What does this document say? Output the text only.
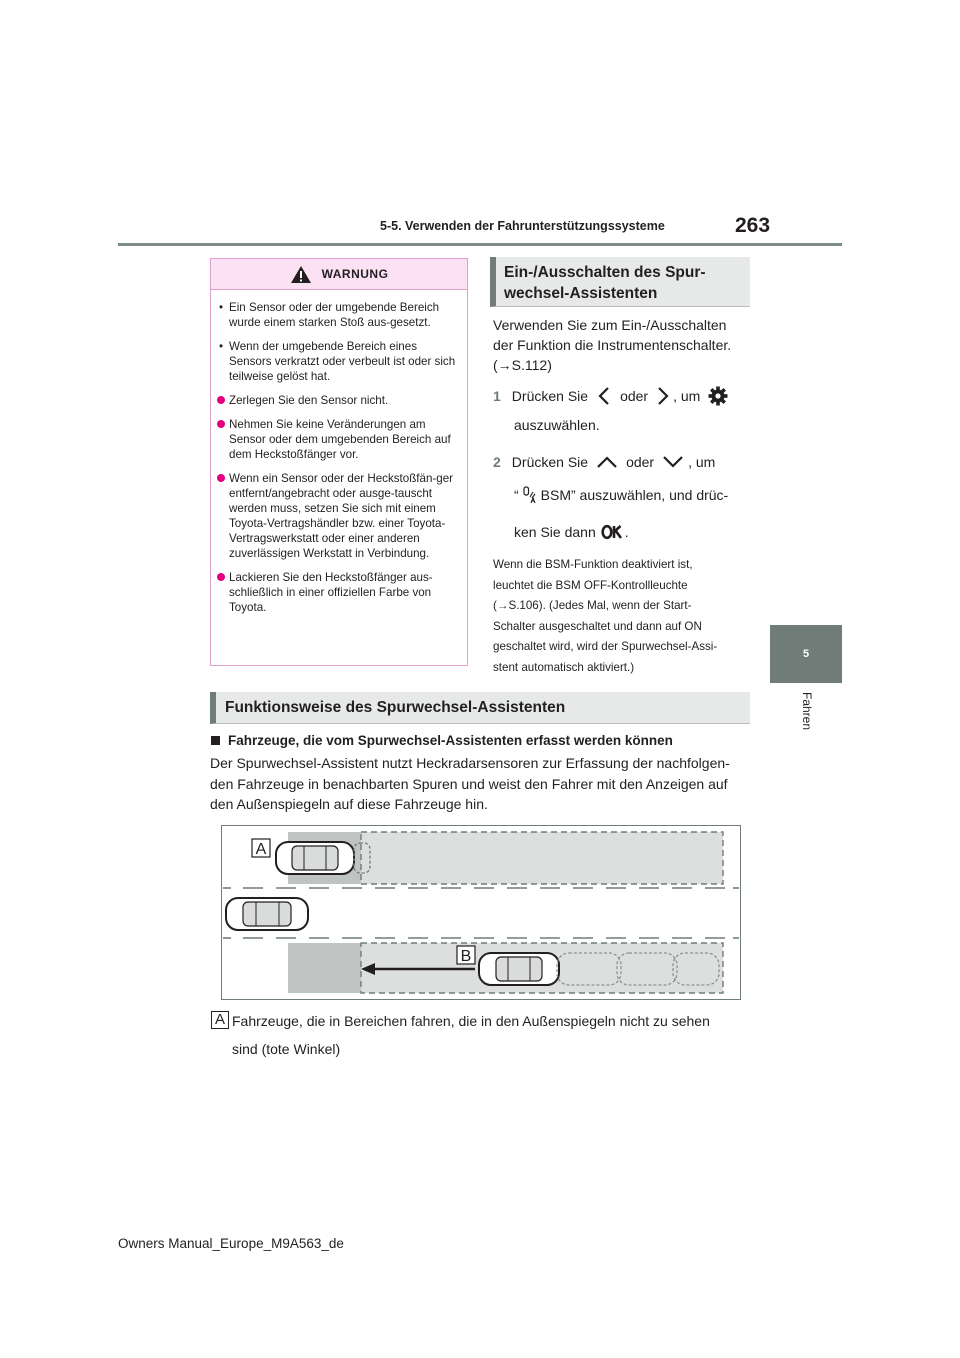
5-5. Verwenden der Fahrunterstützungssysteme	263
5
Fahren
WARNUNG
• Ein Sensor oder der umgebende Bereich wurde einem starken Stoß aus-gesetzt.
• Wenn der umgebende Bereich eines Sensors verkratzt oder verbeult ist oder sich teilweise gelöst hat.
Zerlegen Sie den Sensor nicht.
Nehmen Sie keine Veränderungen am Sensor oder dem umgebenden Bereich auf dem Heckstoßfänger vor.
Wenn ein Sensor oder der Heckstoßfän-ger entfernt/angebracht oder ausge-tauscht werden muss, setzen Sie sich mit einem Toyota-Vertragshändler bzw. einer Toyota-Vertragswerkstatt oder einer anderen zuverlässigen Werkstatt in Verbindung.
Lackieren Sie den Heckstoßfänger aus-schließlich in einer offiziellen Farbe von Toyota.
Ein-/Ausschalten des Spur-
wechsel-Assistenten
Verwenden Sie zum Ein-/Ausschalten
der Funktion die Instrumentenschalter.
(→S.112)
1 Drücken Sie oder , um
auszuwählen.
2 Drücken Sie	oder , um
“ BSM” auszuwählen, und drüc-
ken Sie dann .
Wenn die BSM-Funktion deaktiviert ist,
leuchtet die BSM OFF-Kontrollleuchte
(→S.106). (Jedes Mal, wenn der Start-
Schalter ausgeschaltet und dann auf ON
geschaltet wird, wird der Spurwechsel-Assi-
stent automatisch aktiviert.)
Funktionsweise des Spurwechsel-Assistenten
Fahrzeuge, die vom Spurwechsel-Assistenten erfasst werden können
Der Spurwechsel-Assistent nutzt Heckradarsensoren zur Erfassung der nachfolgen-
den Fahrzeuge in benachbarten Spuren und weist den Fahrer mit den Anzeigen auf
den Außenspiegeln auf diese Fahrzeuge hin.
A
B
A Fahrzeuge, die in Bereichen fahren, die in den Außenspiegeln nicht zu sehen
sind (tote Winkel)
Owners Manual_Europe_M9A563_de
